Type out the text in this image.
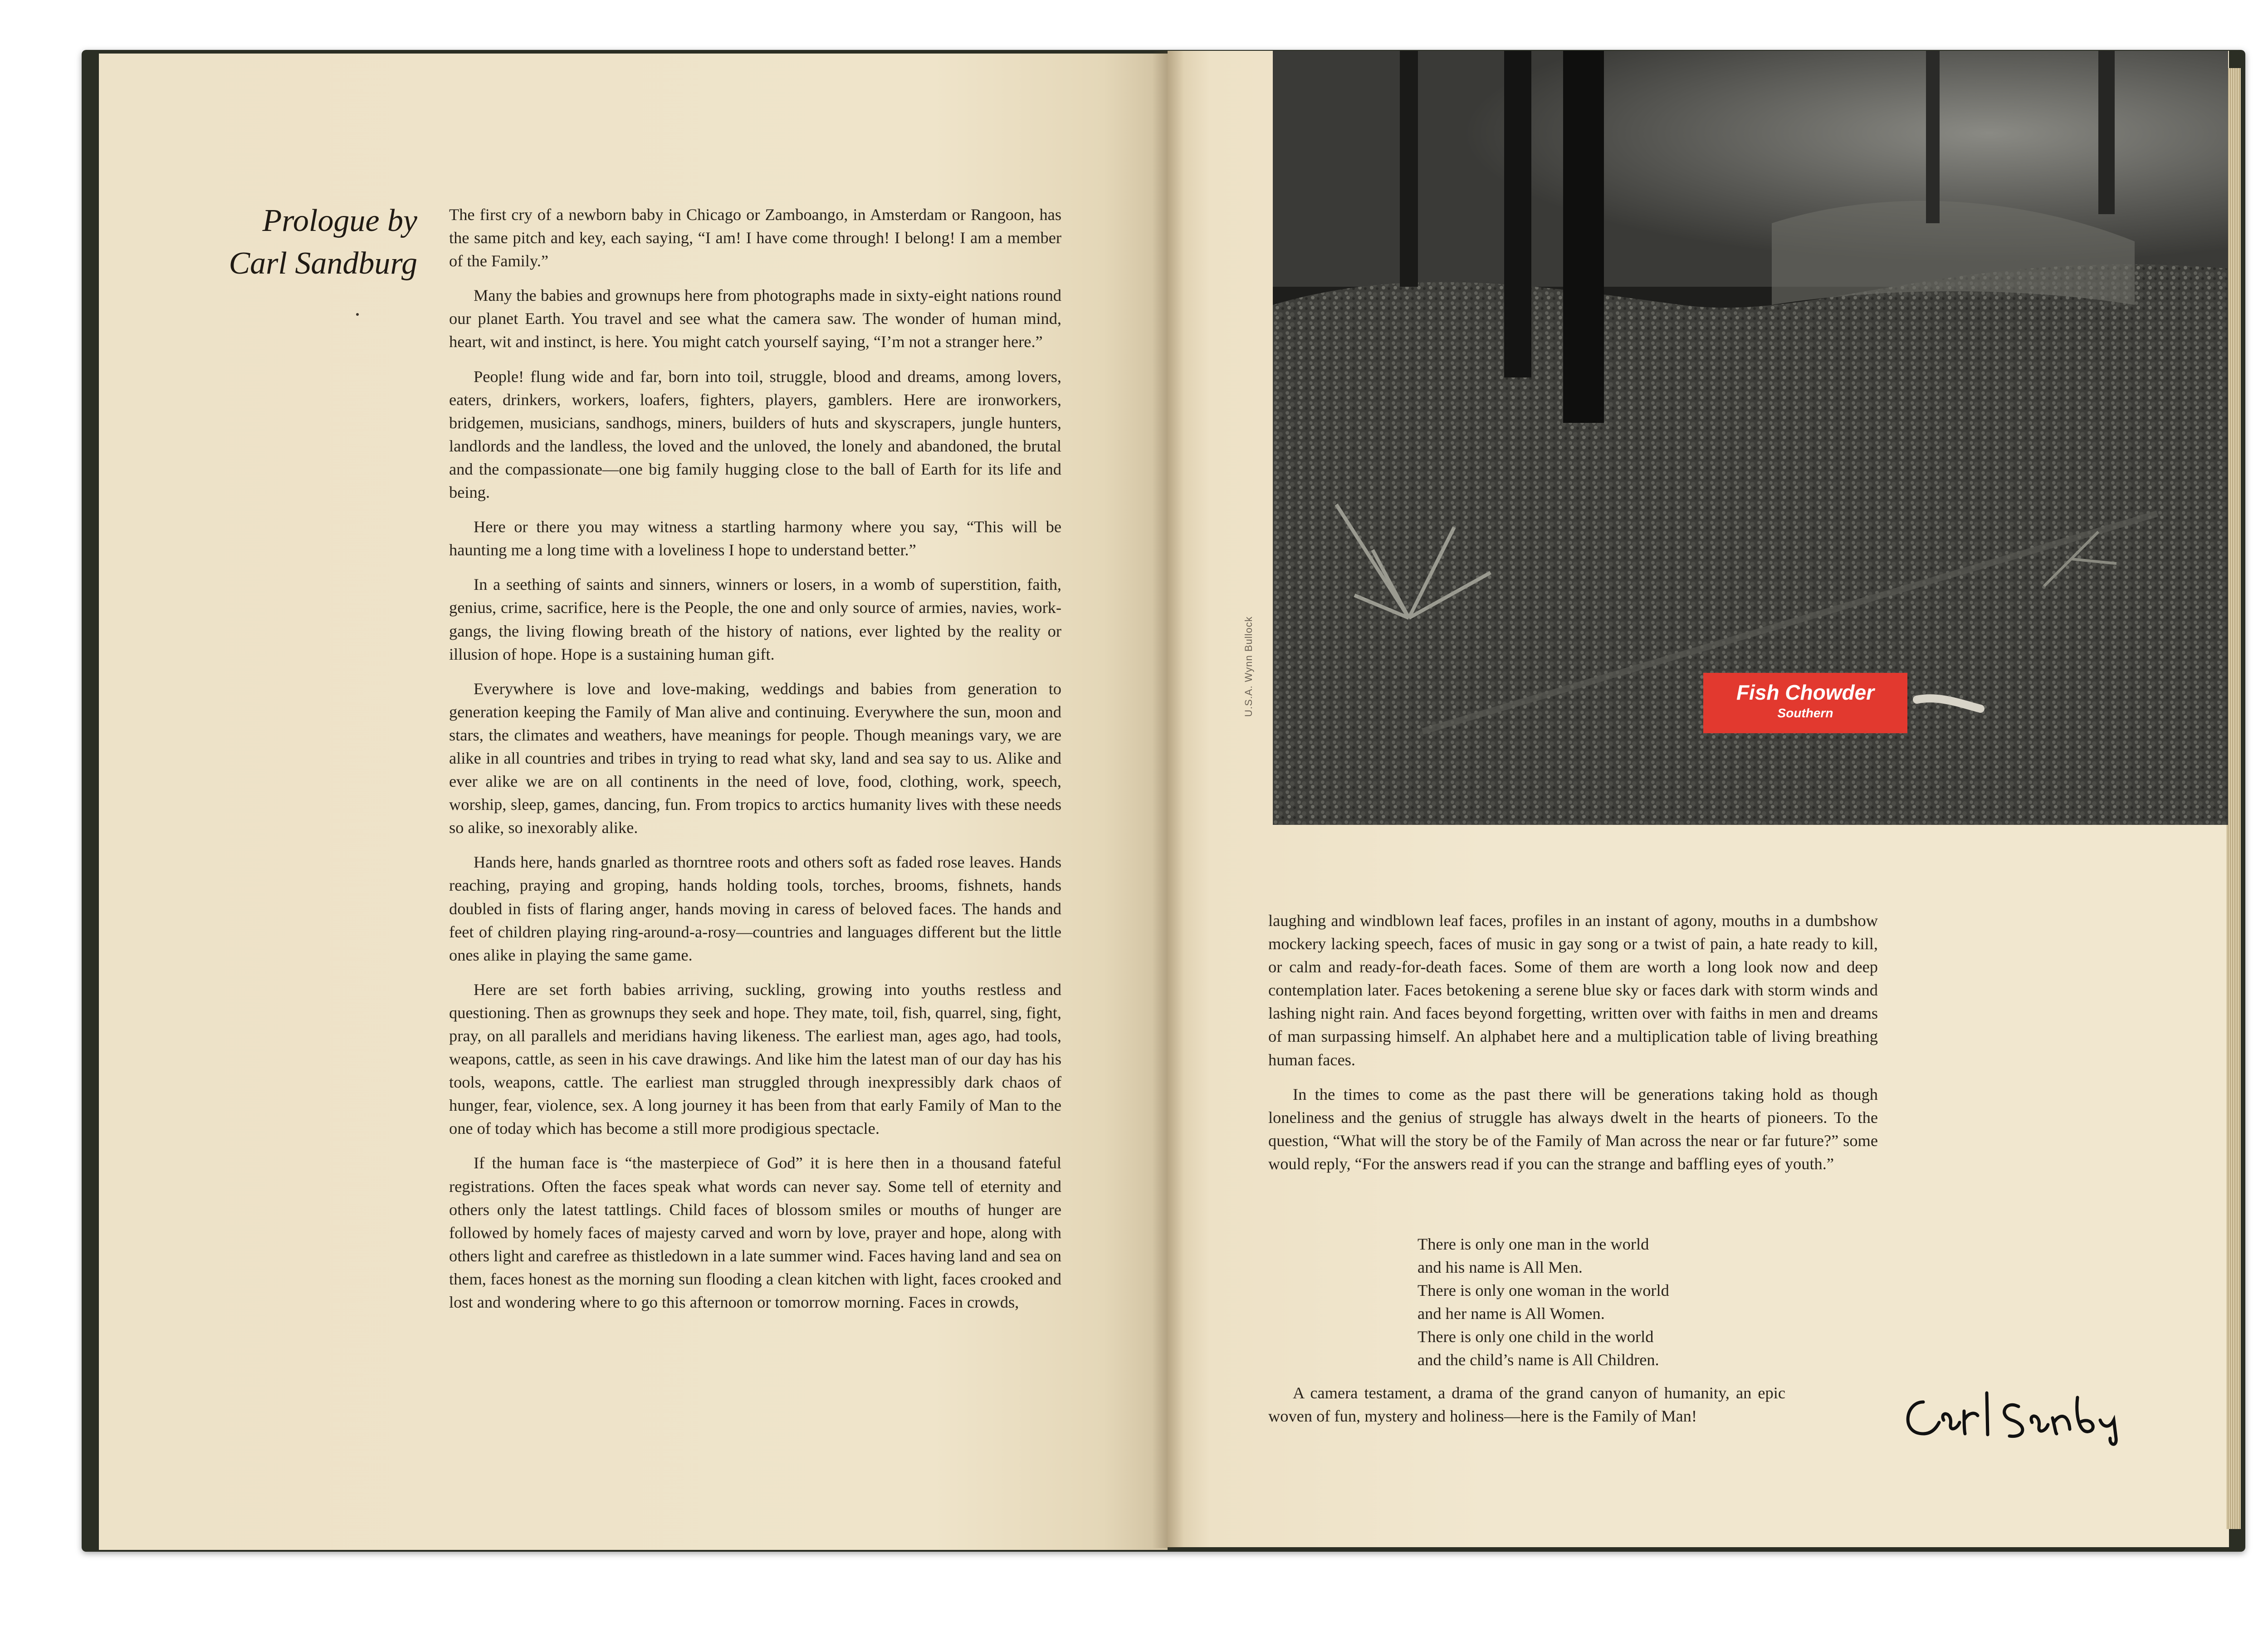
Prologue by
Carl Sandburg

The first cry of a newborn baby in Chicago or Zamboango, in Amsterdam or Rangoon, has the same pitch and key, each saying, “I am! I have come through! I belong! I am a member of the Family.”

Many the babies and grownups here from photographs made in sixty-eight nations round our planet Earth. You travel and see what the camera saw. The wonder of human mind, heart, wit and instinct, is here. You might catch yourself saying, “I’m not a stranger here.”

People! flung wide and far, born into toil, struggle, blood and dreams, among lovers, eaters, drinkers, workers, loafers, fighters, players, gamblers. Here are ironworkers, bridgemen, musicians, sandhogs, miners, builders of huts and skyscrapers, jungle hunters, landlords and the landless, the loved and the unloved, the lonely and abandoned, the brutal and the compassionate—one big family hugging close to the ball of Earth for its life and being.

Here or there you may witness a startling harmony where you say, “This will be haunting me a long time with a loveliness I hope to understand better.”

In a seething of saints and sinners, winners or losers, in a womb of superstition, faith, genius, crime, sacrifice, here is the People, the one and only source of armies, navies, work-gangs, the living flowing breath of the history of nations, ever lighted by the reality or illusion of hope. Hope is a sustaining human gift.

Everywhere is love and love-making, weddings and babies from generation to generation keeping the Family of Man alive and continuing. Everywhere the sun, moon and stars, the climates and weathers, have meanings for people. Though meanings vary, we are alike in all countries and tribes in trying to read what sky, land and sea say to us. Alike and ever alike we are on all continents in the need of love, food, clothing, work, speech, worship, sleep, games, dancing, fun. From tropics to arctics humanity lives with these needs so alike, so inexorably alike.

Hands here, hands gnarled as thorntree roots and others soft as faded rose leaves. Hands reaching, praying and groping, hands holding tools, torches, brooms, fishnets, hands doubled in fists of flaring anger, hands moving in caress of beloved faces. The hands and feet of children playing ring-around-a-rosy—countries and languages different but the little ones alike in playing the same game.

Here are set forth babies arriving, suckling, growing into youths restless and questioning. Then as grownups they seek and hope. They mate, toil, fish, quarrel, sing, fight, pray, on all parallels and meridians having likeness. The earliest man, ages ago, had tools, weapons, cattle, as seen in his cave drawings. And like him the latest man of our day has his tools, weapons, cattle. The earliest man struggled through inexpressibly dark chaos of hunger, fear, violence, sex. A long journey it has been from that early Family of Man to the one of today which has become a still more prodigious spectacle.

If the human face is “the masterpiece of God” it is here then in a thousand fateful registrations. Often the faces speak what words can never say. Some tell of eternity and others only the latest tattlings. Child faces of blossom smiles or mouths of hunger are followed by homely faces of majesty carved and worn by love, prayer and hope, along with others light and carefree as thistledown in a late summer wind. Faces having land and sea on them, faces honest as the morning sun flooding a clean kitchen with light, faces crooked and lost and wondering where to go this afternoon or tomorrow morning. Faces in crowds,

U.S.A. Wynn Bullock	Fish Chowder
Southern

laughing and windblown leaf faces, profiles in an instant of agony, mouths in a dumbshow mockery lacking speech, faces of music in gay song or a twist of pain, a hate ready to kill, or calm and ready-for-death faces. Some of them are worth a long look now and deep contemplation later. Faces betokening a serene blue sky or faces dark with storm winds and lashing night rain. And faces beyond forgetting, written over with faiths in men and dreams of man surpassing himself. An alphabet here and a multiplication table of living breathing human faces.

In the times to come as the past there will be generations taking hold as though loneliness and the genius of struggle has always dwelt in the hearts of pioneers. To the question, “What will the story be of the Family of Man across the near or far future?” some would reply, “For the answers read if you can the strange and baffling eyes of youth.”

There is only one man in the world
and his name is All Men.
There is only one woman in the world
and her name is All Women.
There is only one child in the world
and the child’s name is All Children.
A camera testament, a drama of the grand canyon of humanity, an epic woven of fun, mystery and holiness—here is the Family of Man!
